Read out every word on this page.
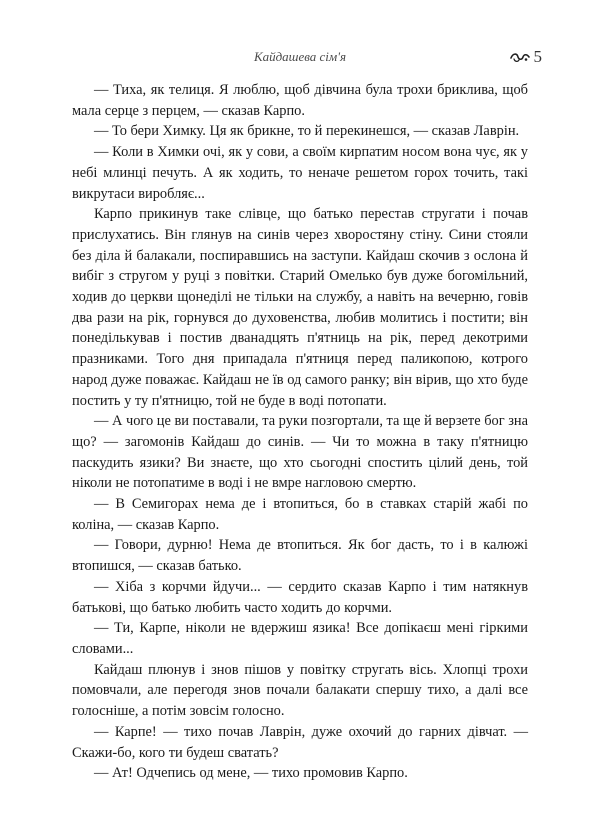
Кайдашева сім'я	5

— Тиха, як телиця. Я люблю, щоб дівчина була трохи бриклива, щоб мала серце з перцем, — сказав Карпо.

— То бери Химку. Ця як брикне, то й перекинешся, — сказав Лаврін.

— Коли в Химки очі, як у сови, а своїм кирпатим носом вона чує, як у небі млинці печуть. А як ходить, то неначе решетом горох точить, такі викрутаси виробляє...

Карпо прикинув таке слівце, що батько перестав стругати і почав прислухатись. Він глянув на синів через хворостяну стіну. Сини стояли без діла й балакали, поспиравшись на заступи. Кайдаш скочив з ослона й вибіг з стругом у руці з повітки. Старий Омелько був дуже богомільний, ходив до церкви щонеділі не тільки на службу, а навіть на вечерню, говів два рази на рік, горнувся до духовенства, любив молитись і постити; він понедількував і постив дванадцять п'ятниць на рік, перед декотрими празниками. Того дня припадала п'ятниця перед паликопою, котрого народ дуже поважає. Кайдаш не їв од самого ранку; він вірив, що хто буде постить у ту п'ятницю, той не буде в воді потопати.

— А чого це ви поставали, та руки позгортали, та ще й верзете бог зна що? — загомонів Кайдаш до синів. — Чи то можна в таку п'ятницю паскудить язики? Ви знаєте, що хто сьогодні спостить цілий день, той ніколи не потопатиме в воді і не вмре нагловою смертю.

— В Семигорах нема де і втопиться, бо в ставках старій жабі по коліна, — сказав Карпо.

— Говори, дурню! Нема де втопиться. Як бог дасть, то і в калюжі втопишся, — сказав батько.

— Хіба з корчми йдучи... — сердито сказав Карпо і тим натякнув батькові, що батько любить часто ходить до корчми.

— Ти, Карпе, ніколи не вдержиш язика! Все допікаєш мені гіркими словами...

Кайдаш плюнув і знов пішов у повітку стругать вісь. Хлопці трохи помовчали, але перегодя знов почали балакати спершу тихо, а далі все голосніше, а потім зовсім голосно.

— Карпе! — тихо почав Лаврін, дуже охочий до гарних дівчат. — Скажи-бо, кого ти будеш сватать?

— Ат! Одчепись од мене, — тихо промовив Карпо.
